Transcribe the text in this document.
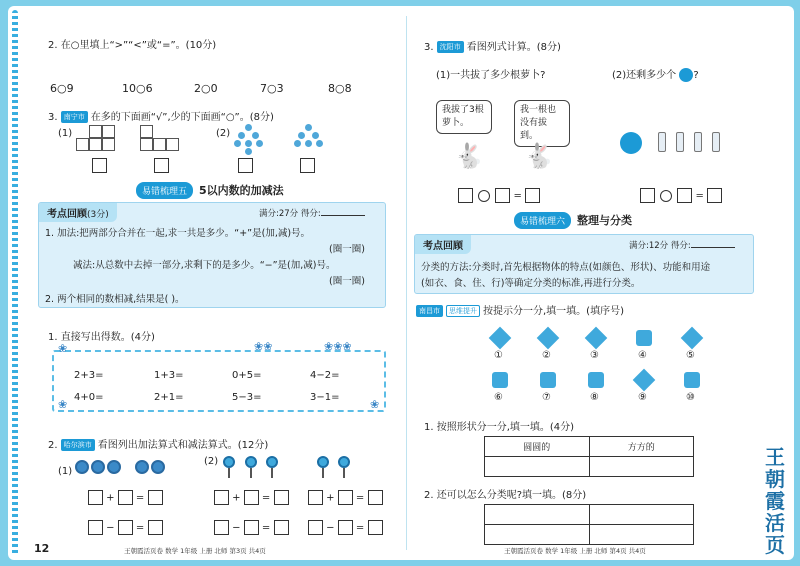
2. 在○里填上“>”“<”或“=”。(10分)
6○9	10○6	2○0	7○3	8○8
3. 南宁市 在多的下面画“√”,少的下面画“○”。(8分)
(1)	(2)
易错梳理五	5以内数的加减法
考点回顾(3分)	满分:27分 得分:
1. 加法:把两部分合并在一起,求一共是多少。“+”是(加,减)号。
(圈一圈)
减法:从总数中去掉一部分,求剩下的是多少。“−”是(加,减)号。
(圈一圈)
2. 两个相同的数相减,结果是( )。
1. 直接写出得数。(4分)
❀	❀❀	❀❀❀
❀	❀
2+3=	1+3=	0+5=	4−2=
4+0=	2+1=	5−3=	3−1=
2. 哈尔滨市 看图列出加法算式和减法算式。(12分)
(1)
(2)

+  =
−  =
+  =
−  =
+  =
−  =
12	王朝霞活页卷 数学 1年级 上册 北师 第3页 共4页
3. 沈阳市 看图列式计算。(8分)
(1)一共拔了多少根萝卜?	(2)还剩多少个 ?
我拔了3根萝卜。
我一根也没有拔到。
🐇 🐇
=	=
易错梳理六	整理与分类
考点回顾	满分:12分 得分:
分类的方法:分类时,首先根据物体的特点(如颜色、形状)、功能和用途
(如衣、食、住、行)等确定分类的标准,再进行分类。
南昌市 思维提升 按提示分一分,填一填。(填序号)
①	②	③	④	⑤
⑥	⑦	⑧	⑨	⑩
1. 按照形状分一分,填一填。(4分)
圆圆的	方方的

2. 还可以怎么分类呢?填一填。(8分)

王朝霞活页卷 数学 1年级 上册 北师 第4页 共4页
王朝霞活页
